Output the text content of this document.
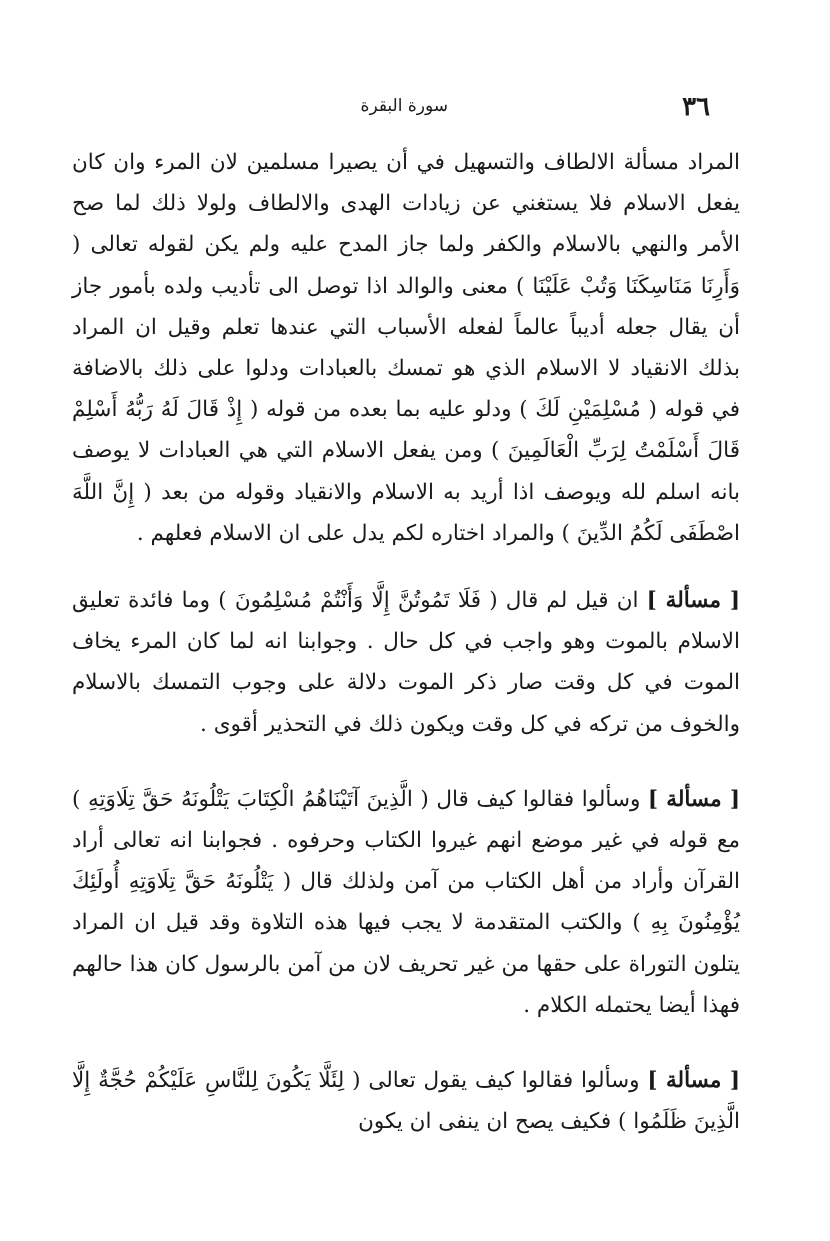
٣٦
سورة البقرة

المراد مسألة الالطاف والتسهيل في أن يصيرا مسلمين لان المرء وان كان يفعل الاسلام فلا يستغني عن زيادات الهدى والالطاف ولولا ذلك لما صح الأمر والنهي بالاسلام والكفر ولما جاز المدح عليه ولم يكن لقوله تعالى ( وَأَرِنَا مَنَاسِكَنَا وَتُبْ عَلَيْنَا ) معنى والوالد اذا توصل الى تأديب ولده بأمور جاز أن يقال جعله أديباً عالماً لفعله الأسباب التي عندها تعلم وقيل ان المراد بذلك الانقياد لا الاسلام الذي هو تمسك بالعبادات ودلوا على ذلك بالاضافة في قوله ( مُسْلِمَيْنِ لَكَ ) ودلو عليه بما بعده من قوله ( إِذْ قَالَ لَهُ رَبُّهُ أَسْلِمْ قَالَ أَسْلَمْتُ لِرَبِّ الْعَالَمِينَ ) ومن يفعل الاسلام التي هي العبادات لا يوصف بانه اسلم لله ويوصف اذا أريد به الاسلام والانقياد وقوله من بعد ( إِنَّ اللَّهَ اصْطَفَى لَكُمُ الدِّينَ ) والمراد اختاره لكم يدل على ان الاسلام فعلهم .

[ مسألة ] ان قيل لم قال ( فَلَا تَمُوتُنَّ إِلَّا وَأَنْتُمْ مُسْلِمُونَ ) وما فائدة تعليق الاسلام بالموت وهو واجب في كل حال . وجوابنا انه لما كان المرء يخاف الموت في كل وقت صار ذكر الموت دلالة على وجوب التمسك بالاسلام والخوف من تركه في كل وقت ويكون ذلك في التحذير أقوى .

[ مسألة ] وسألوا فقالوا كيف قال ( الَّذِينَ آتَيْنَاهُمُ الْكِتَابَ يَتْلُونَهُ حَقَّ تِلَاوَتِهِ ) مع قوله في غير موضع انهم غيروا الكتاب وحرفوه . فجوابنا انه تعالى أراد القرآن وأراد من أهل الكتاب من آمن ولذلك قال ( يَتْلُونَهُ حَقَّ تِلَاوَتِهِ أُولَئِكَ يُؤْمِنُونَ بِهِ ) والكتب المتقدمة لا يجب فيها هذه التلاوة وقد قيل ان المراد يتلون التوراة على حقها من غير تحريف لان من آمن بالرسول كان هذا حالهم فهذا أيضا يحتمله الكلام .

[ مسألة ] وسألوا فقالوا كيف يقول تعالى ( لِئَلَّا يَكُونَ لِلنَّاسِ عَلَيْكُمْ حُجَّةٌ إِلَّا الَّذِينَ ظَلَمُوا ) فكيف يصح ان ينفى ان يكون
